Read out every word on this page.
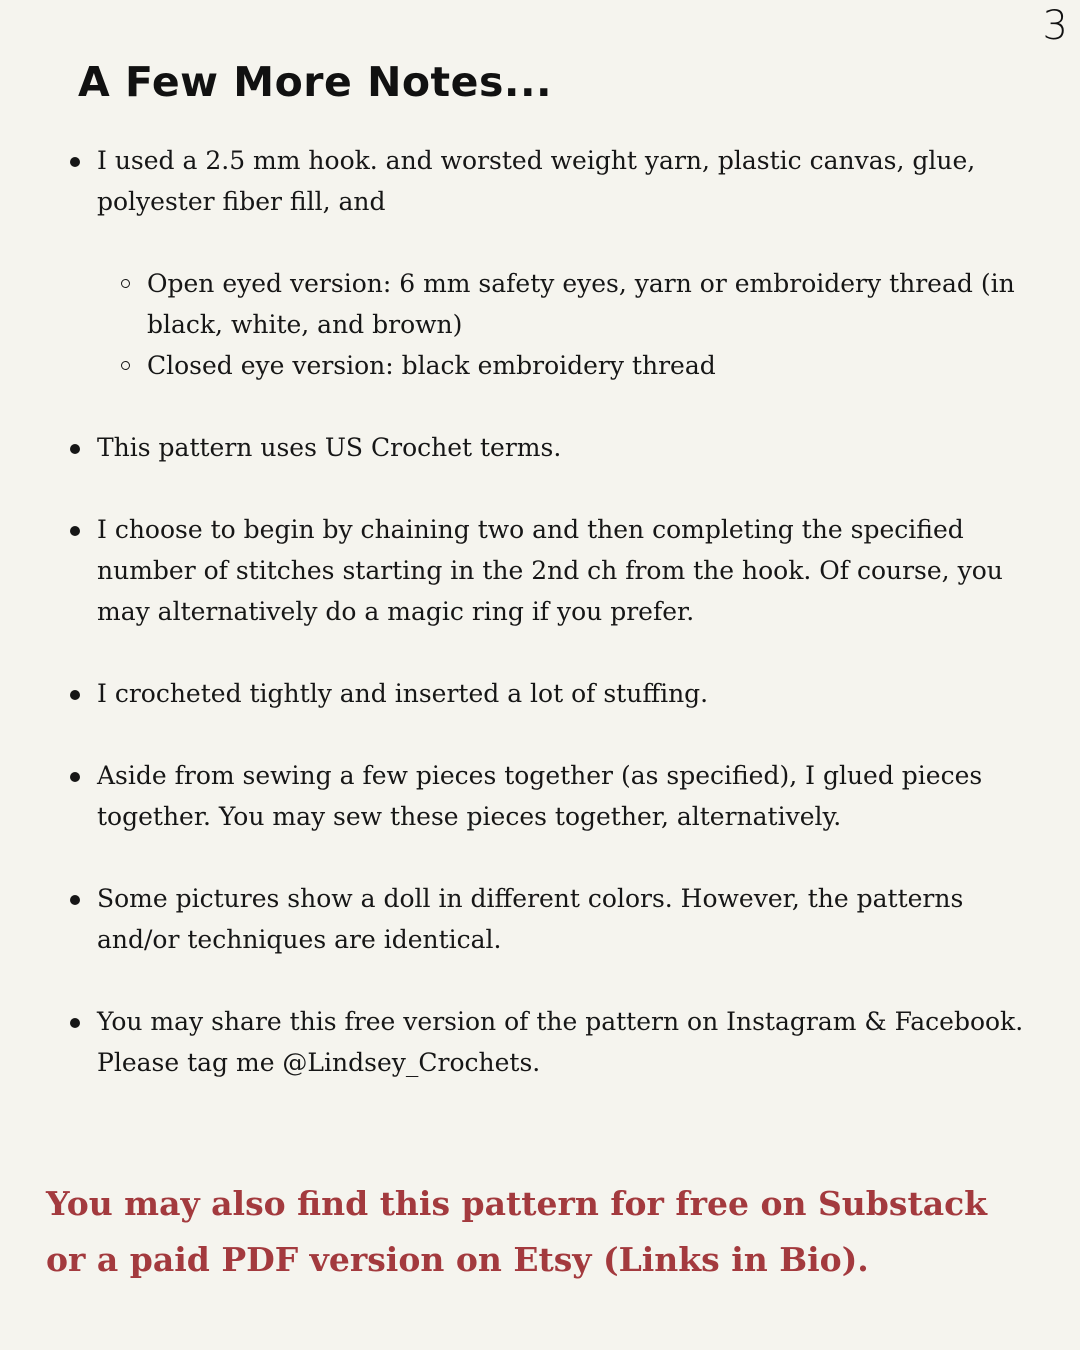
3
A Few More Notes...
I used a 2.5 mm hook. and worsted weight yarn, plastic canvas, glue, polyester fiber fill, and
Open eyed version: 6 mm safety eyes, yarn or embroidery thread (in black, white, and brown)
Closed eye version: black embroidery thread
This pattern uses US Crochet terms.
I choose to begin by chaining two and then completing the specified number of stitches starting in the 2nd ch from the hook. Of course, you may alternatively do a magic ring if you prefer.
I crocheted tightly and inserted a lot of stuffing.
Aside from sewing a few pieces together (as specified), I glued pieces together. You may sew these pieces together, alternatively.
Some pictures show a doll in different colors. However, the patterns and/or techniques are identical.
You may share this free version of the pattern on Instagram & Facebook. Please tag me @Lindsey_Crochets.

You may also find this pattern for free on Substack or a paid PDF version on Etsy (Links in Bio).
